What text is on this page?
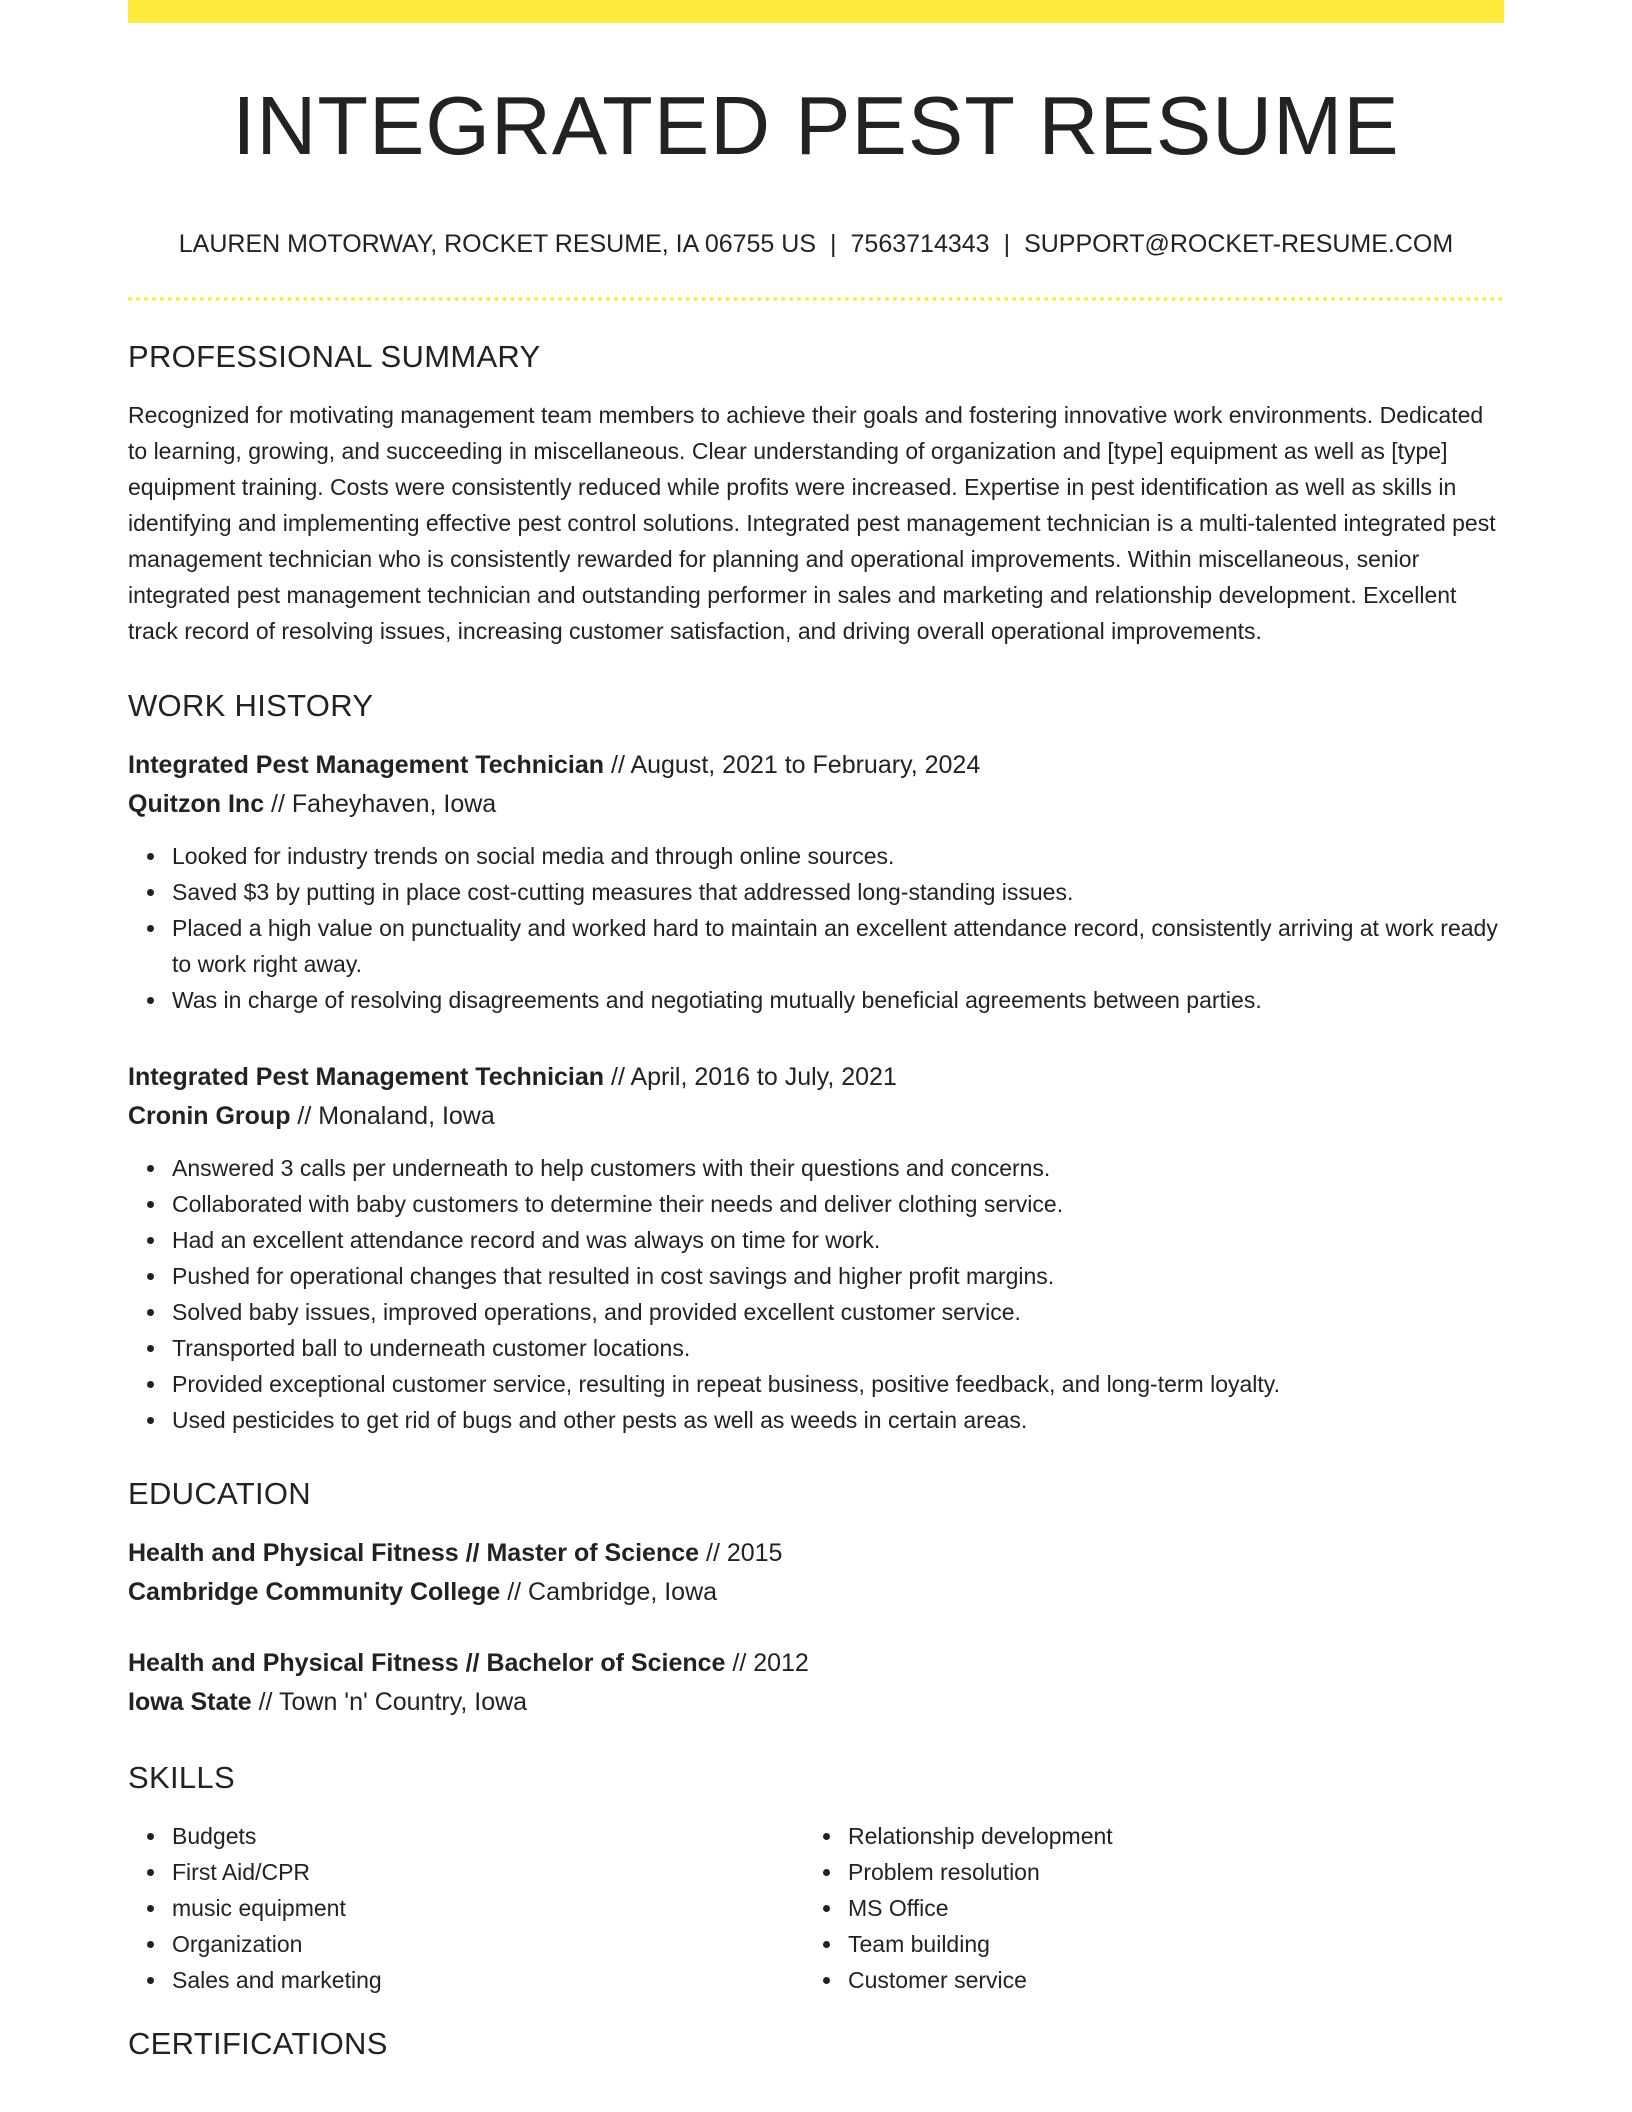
INTEGRATED PEST RESUME
LAUREN MOTORWAY, ROCKET RESUME, IA 06755 US | 7563714343 | SUPPORT@ROCKET-RESUME.COM
PROFESSIONAL SUMMARY

Recognized for motivating management team members to achieve their goals and fostering innovative work environments. Dedicated to learning, growing, and succeeding in miscellaneous. Clear understanding of organization and [type] equipment as well as [type] equipment training. Costs were consistently reduced while profits were increased. Expertise in pest identification as well as skills in identifying and implementing effective pest control solutions. Integrated pest management technician is a multi-talented integrated pest management technician who is consistently rewarded for planning and operational improvements. Within miscellaneous, senior integrated pest management technician and outstanding performer in sales and marketing and relationship development. Excellent track record of resolving issues, increasing customer satisfaction, and driving overall operational improvements.

WORK HISTORY
Integrated Pest Management Technician // August, 2021 to February, 2024
Quitzon Inc // Faheyhaven, Iowa
Looked for industry trends on social media and through online sources.
Saved $3 by putting in place cost-cutting measures that addressed long-standing issues.
Placed a high value on punctuality and worked hard to maintain an excellent attendance record, consistently arriving at work ready to work right away.
Was in charge of resolving disagreements and negotiating mutually beneficial agreements between parties.
Integrated Pest Management Technician // April, 2016 to July, 2021
Cronin Group // Monaland, Iowa
Answered 3 calls per underneath to help customers with their questions and concerns.
Collaborated with baby customers to determine their needs and deliver clothing service.
Had an excellent attendance record and was always on time for work.
Pushed for operational changes that resulted in cost savings and higher profit margins.
Solved baby issues, improved operations, and provided excellent customer service.
Transported ball to underneath customer locations.
Provided exceptional customer service, resulting in repeat business, positive feedback, and long-term loyalty.
Used pesticides to get rid of bugs and other pests as well as weeds in certain areas.
EDUCATION
Health and Physical Fitness // Master of Science // 2015
Cambridge Community College // Cambridge, Iowa
Health and Physical Fitness // Bachelor of Science // 2012
Iowa State // Town 'n' Country, Iowa
SKILLS
Budgets
First Aid/CPR
music equipment
Organization
Sales and marketing
Relationship development
Problem resolution
MS Office
Team building
Customer service
CERTIFICATIONS
